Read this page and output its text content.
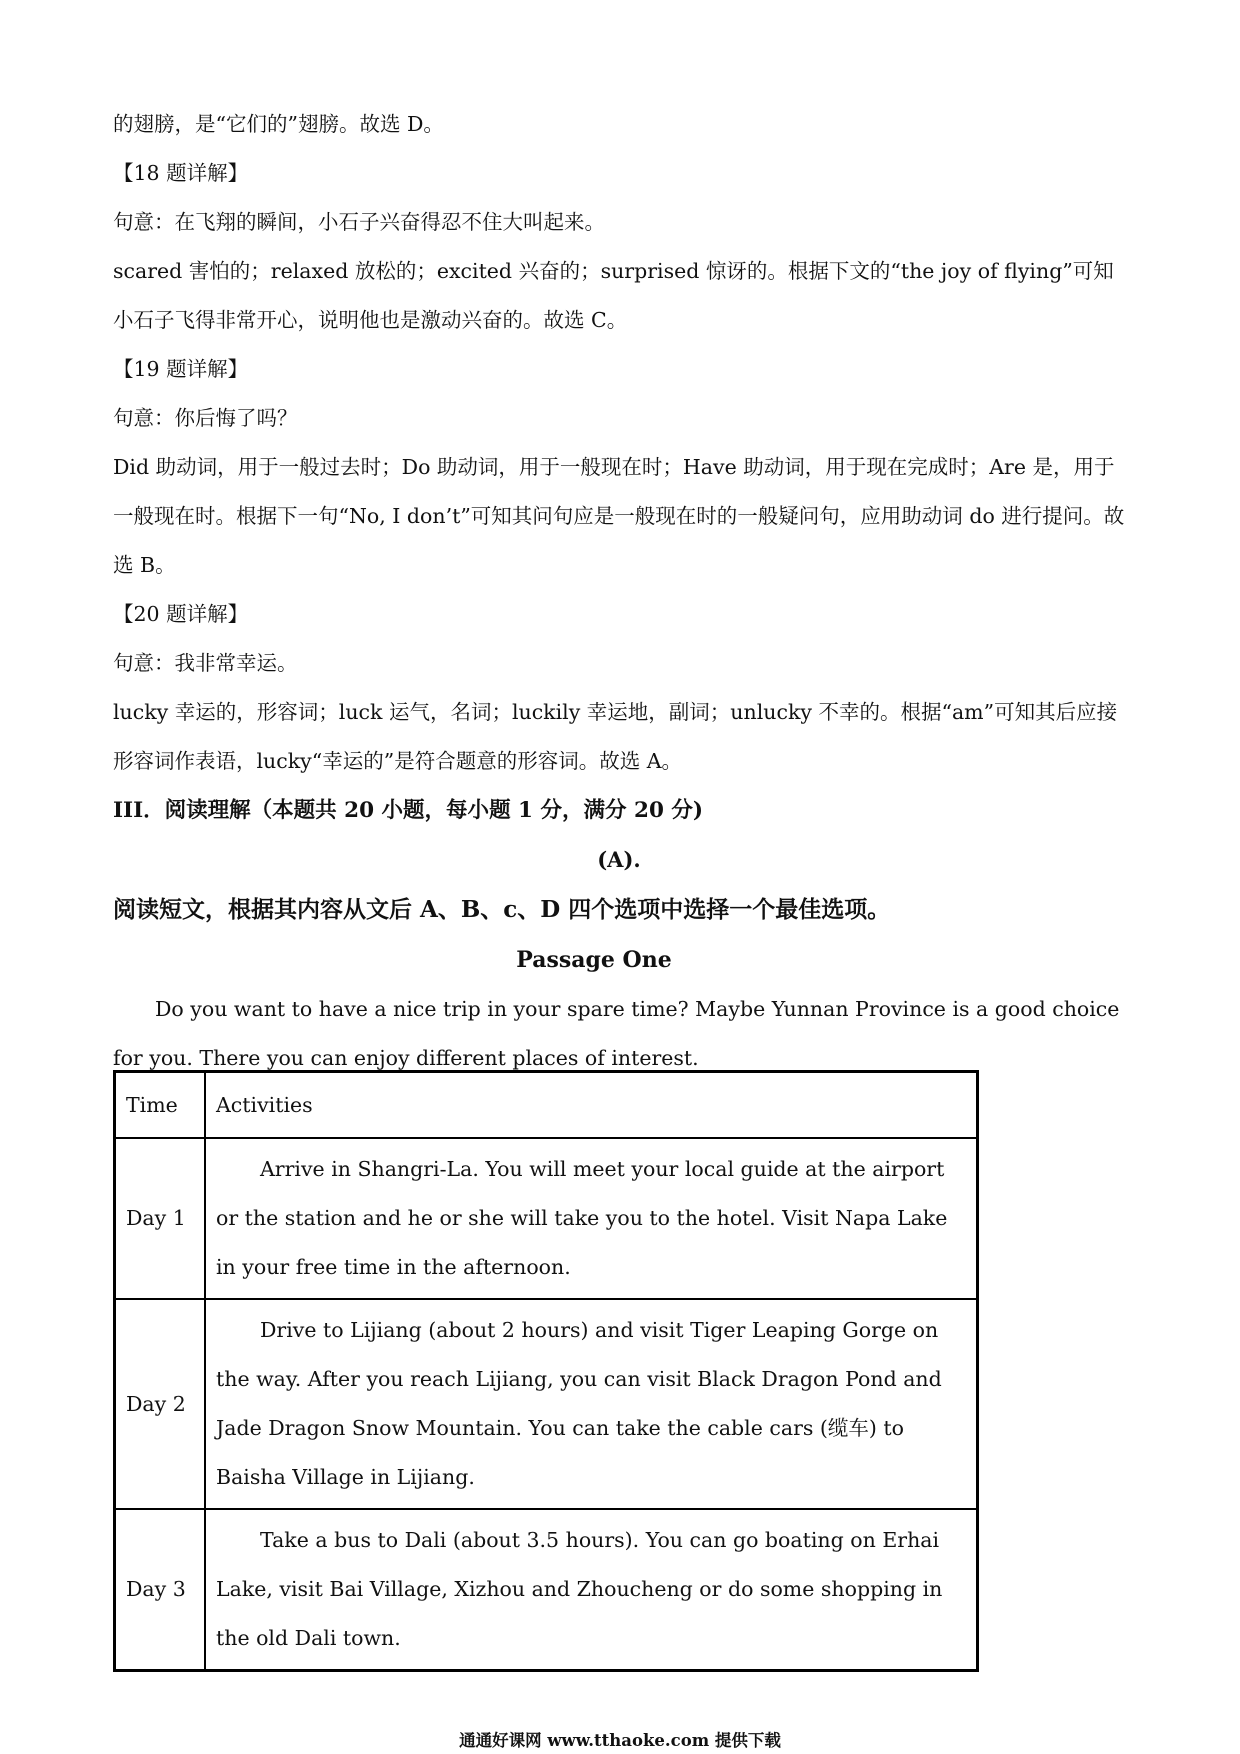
的翅膀，是“它们的”翅膀。故选 D。

【18 题详解】

句意：在飞翔的瞬间，小石子兴奋得忍不住大叫起来。

scared 害怕的；relaxed 放松的；excited 兴奋的；surprised 惊讶的。根据下文的“the joy of flying”可知小石子飞得非常开心，说明他也是激动兴奋的。故选 C。

【19 题详解】

句意：你后悔了吗？

Did 助动词，用于一般过去时；Do 助动词，用于一般现在时；Have 助动词，用于现在完成时；Are 是，用于一般现在时。根据下一句“No, I don’t”可知其问句应是一般现在时的一般疑问句，应用助动词 do 进行提问。故选 B。

【20 题详解】

句意：我非常幸运。

lucky 幸运的，形容词；luck 运气，名词；luckily 幸运地，副词；unlucky 不幸的。根据“am”可知其后应接形容词作表语，lucky“幸运的”是符合题意的形容词。故选 A。

III．阅读理解（本题共 20 小题，每小题 1 分，满分 20 分)

(A).

阅读短文，根据其内容从文后 A、B、c、D 四个选项中选择一个最佳选项。

Passage One

Do you want to have a nice trip in your spare time? Maybe Yunnan Province is a good choice for you. There you can enjoy different places of interest.

Time	Activities
Day 1	Arrive in Shangri-La. You will meet your local guide at the airport or the station and he or she will take you to the hotel. Visit Napa Lake in your free time in the afternoon.

Day 2	Drive to Lijiang (about 2 hours) and visit Tiger Leaping Gorge on the way. After you reach Lijiang, you can visit Black Dragon Pond and Jade Dragon Snow Mountain. You can take the cable cars (缆车) to Baisha Village in Lijiang.

Day 3	Take a bus to Dali (about 3.5 hours). You can go boating on Erhai Lake, visit Bai Village, Xizhou and Zhoucheng or do some shopping in the old Dali town.
通通好课网 www.tthaoke.com 提供下载
